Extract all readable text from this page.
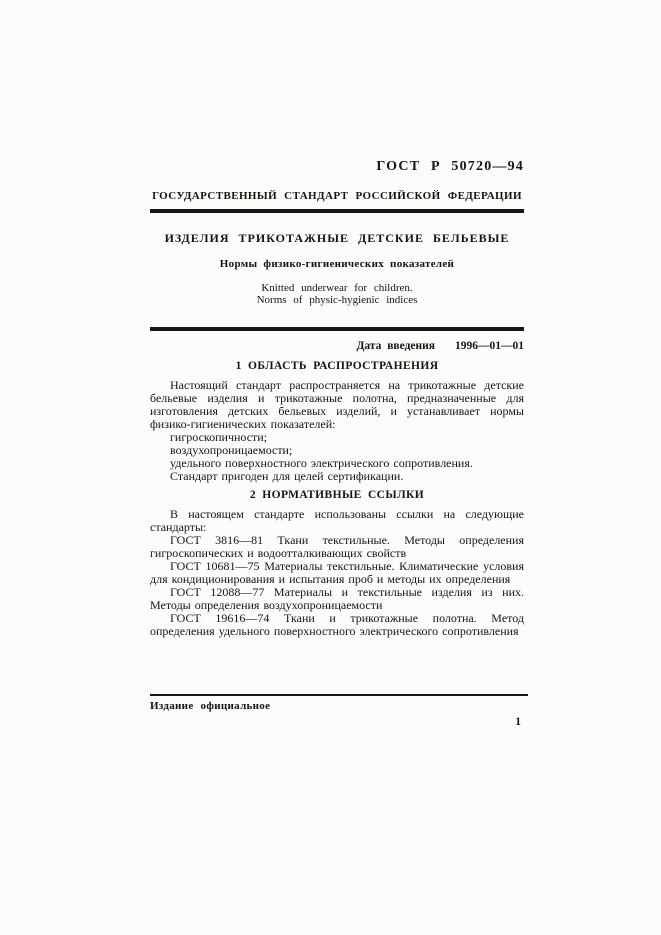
ГОСТ Р 50720—94
ГОСУДАРСТВЕННЫЙ СТАНДАРТ РОССИЙСКОЙ ФЕДЕРАЦИИ
ИЗДЕЛИЯ ТРИКОТАЖНЫЕ ДЕТСКИЕ БЕЛЬЕВЫЕ
Нормы физико-гигиенических показателей
Knitted underwear for children.
Norms of physic-hygienic indices
Дата введения 1996—01—01
1 ОБЛАСТЬ РАСПРОСТРАНЕНИЯ

Настоящий стандарт распространяется на трикотажные детские бельевые изделия и трикотажные полотна, предназначенные для изготовления детских бельевых изделий, и устанавливает нормы физико-гигиенических показателей:

гигроскопичности;

воздухопроницаемости;

удельного поверхностного электрического сопротивления.

Стандарт пригоден для целей сертификации.

2 НОРМАТИВНЫЕ ССЫЛКИ

В настоящем стандарте использованы ссылки на следующие стандарты:

ГОСТ 3816—81 Ткани текстильные. Методы определения гигроскопических и водоотталкивающих свойств

ГОСТ 10681—75 Материалы текстильные. Климатические условия для кондиционирования и испытания проб и методы их определения

ГОСТ 12088—77 Материалы и текстильные изделия из них. Методы определения воздухопроницаемости

ГОСТ 19616—74 Ткани и трикотажные полотна. Метод определения удельного поверхностного электрического сопротивления

Издание официальное
1
